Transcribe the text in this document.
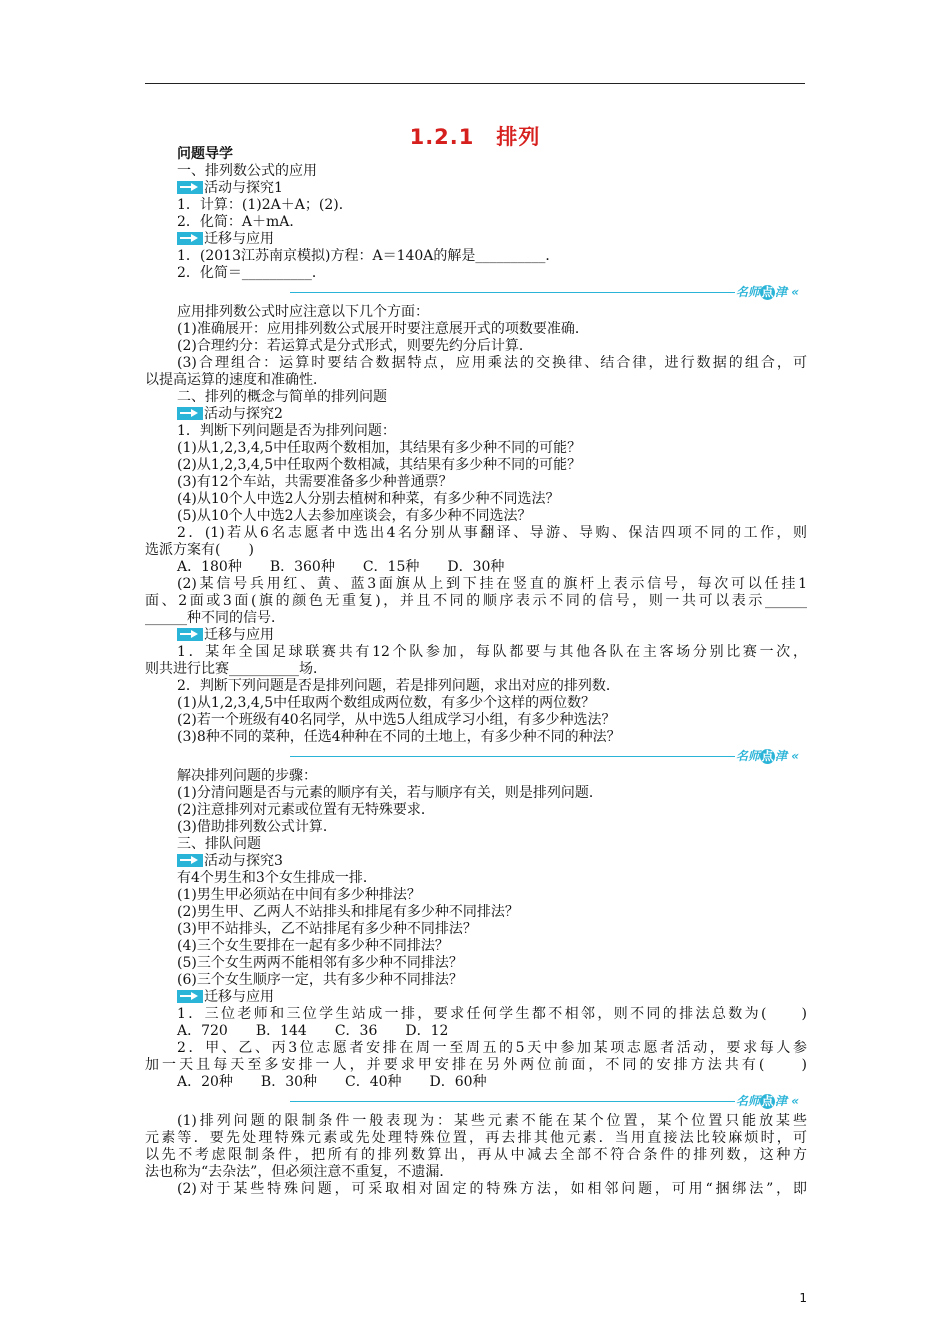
1.2.1　排列
问题导学
一、排列数公式的应用
活动与探究1
1．计算：(1)2A＋A；(2)．
2．化简：A＋mA．
迁移与应用
1．(2013江苏南京模拟)方程：A＝140A的解是__________．
2．化简＝__________．
名师点 津 «
应用排列数公式时应注意以下几个方面：
(1)准确展开：应用排列数公式展开时要注意展开式的项数要准确．
(2)合理约分：若运算式是分式形式，则要先约分后计算．
(3)合理组合：运算时要结合数据特点，应用乘法的交换律、结合律，进行数据的组合，可
以提高运算的速度和准确性．
二、排列的概念与简单的排列问题
活动与探究2
1．判断下列问题是否为排列问题：
(1)从1,2,3,4,5中任取两个数相加，其结果有多少种不同的可能？
(2)从1,2,3,4,5中任取两个数相减，其结果有多少种不同的可能？
(3)有12个车站，共需要准备多少种普通票？
(4)从10个人中选2人分别去植树和种菜，有多少种不同选法？
(5)从10个人中选2人去参加座谈会，有多少种不同选法？
2．(1)若从6名志愿者中选出4名分别从事翻译、导游、导购、保洁四项不同的工作，则
选派方案有(　　)
A．180种　　B．360种　　C．15种　　D．30种
(2)某信号兵用红、黄、蓝3面旗从上到下挂在竖直的旗杆上表示信号，每次可以任挂1
面、2面或3面(旗的颜色无重复)，并且不同的顺序表示不同的信号，则一共可以表示______
______种不同的信号．
迁移与应用
1．某年全国足球联赛共有12个队参加，每队都要与其他各队在主客场分别比赛一次，
则共进行比赛__________场．
2．判断下列问题是否是排列问题，若是排列问题，求出对应的排列数．
(1)从1,2,3,4,5中任取两个数组成两位数，有多少个这样的两位数？
(2)若一个班级有40名同学，从中选5人组成学习小组，有多少种选法？
(3)8种不同的菜种，任选4种种在不同的土地上，有多少种不同的种法？
名师点 津 «
解决排列问题的步骤：
(1)分清问题是否与元素的顺序有关，若与顺序有关，则是排列问题．
(2)注意排列对元素或位置有无特殊要求．
(3)借助排列数公式计算．
三、排队问题
活动与探究3
有4个男生和3个女生排成一排．
(1)男生甲必须站在中间有多少种排法？
(2)男生甲、乙两人不站排头和排尾有多少种不同排法？
(3)甲不站排头，乙不站排尾有多少种不同排法？
(4)三个女生要排在一起有多少种不同排法？
(5)三个女生两两不能相邻有多少种不同排法？
(6)三个女生顺序一定，共有多少种不同排法？
迁移与应用
1．三位老师和三位学生站成一排，要求任何学生都不相邻，则不同的排法总数为(　　)
A．720　　B．144　　C．36　　D．12
2．甲、乙、丙3位志愿者安排在周一至周五的5天中参加某项志愿者活动，要求每人参
加一天且每天至多安排一人，并要求甲安排在另外两位前面，不同的安排方法共有(　　)
A．20种　　B．30种　　C．40种　　D．60种
名师点 津 «
(1)排列问题的限制条件一般表现为：某些元素不能在某个位置，某个位置只能放某些
元素等．要先处理特殊元素或先处理特殊位置，再去排其他元素．当用直接法比较麻烦时，可
以先不考虑限制条件，把所有的排列数算出，再从中减去全部不符合条件的排列数，这种方
法也称为“去杂法”，但必须注意不重复，不遗漏．
(2)对于某些特殊问题，可采取相对固定的特殊方法，如相邻问题，可用“捆绑法”，即
1
